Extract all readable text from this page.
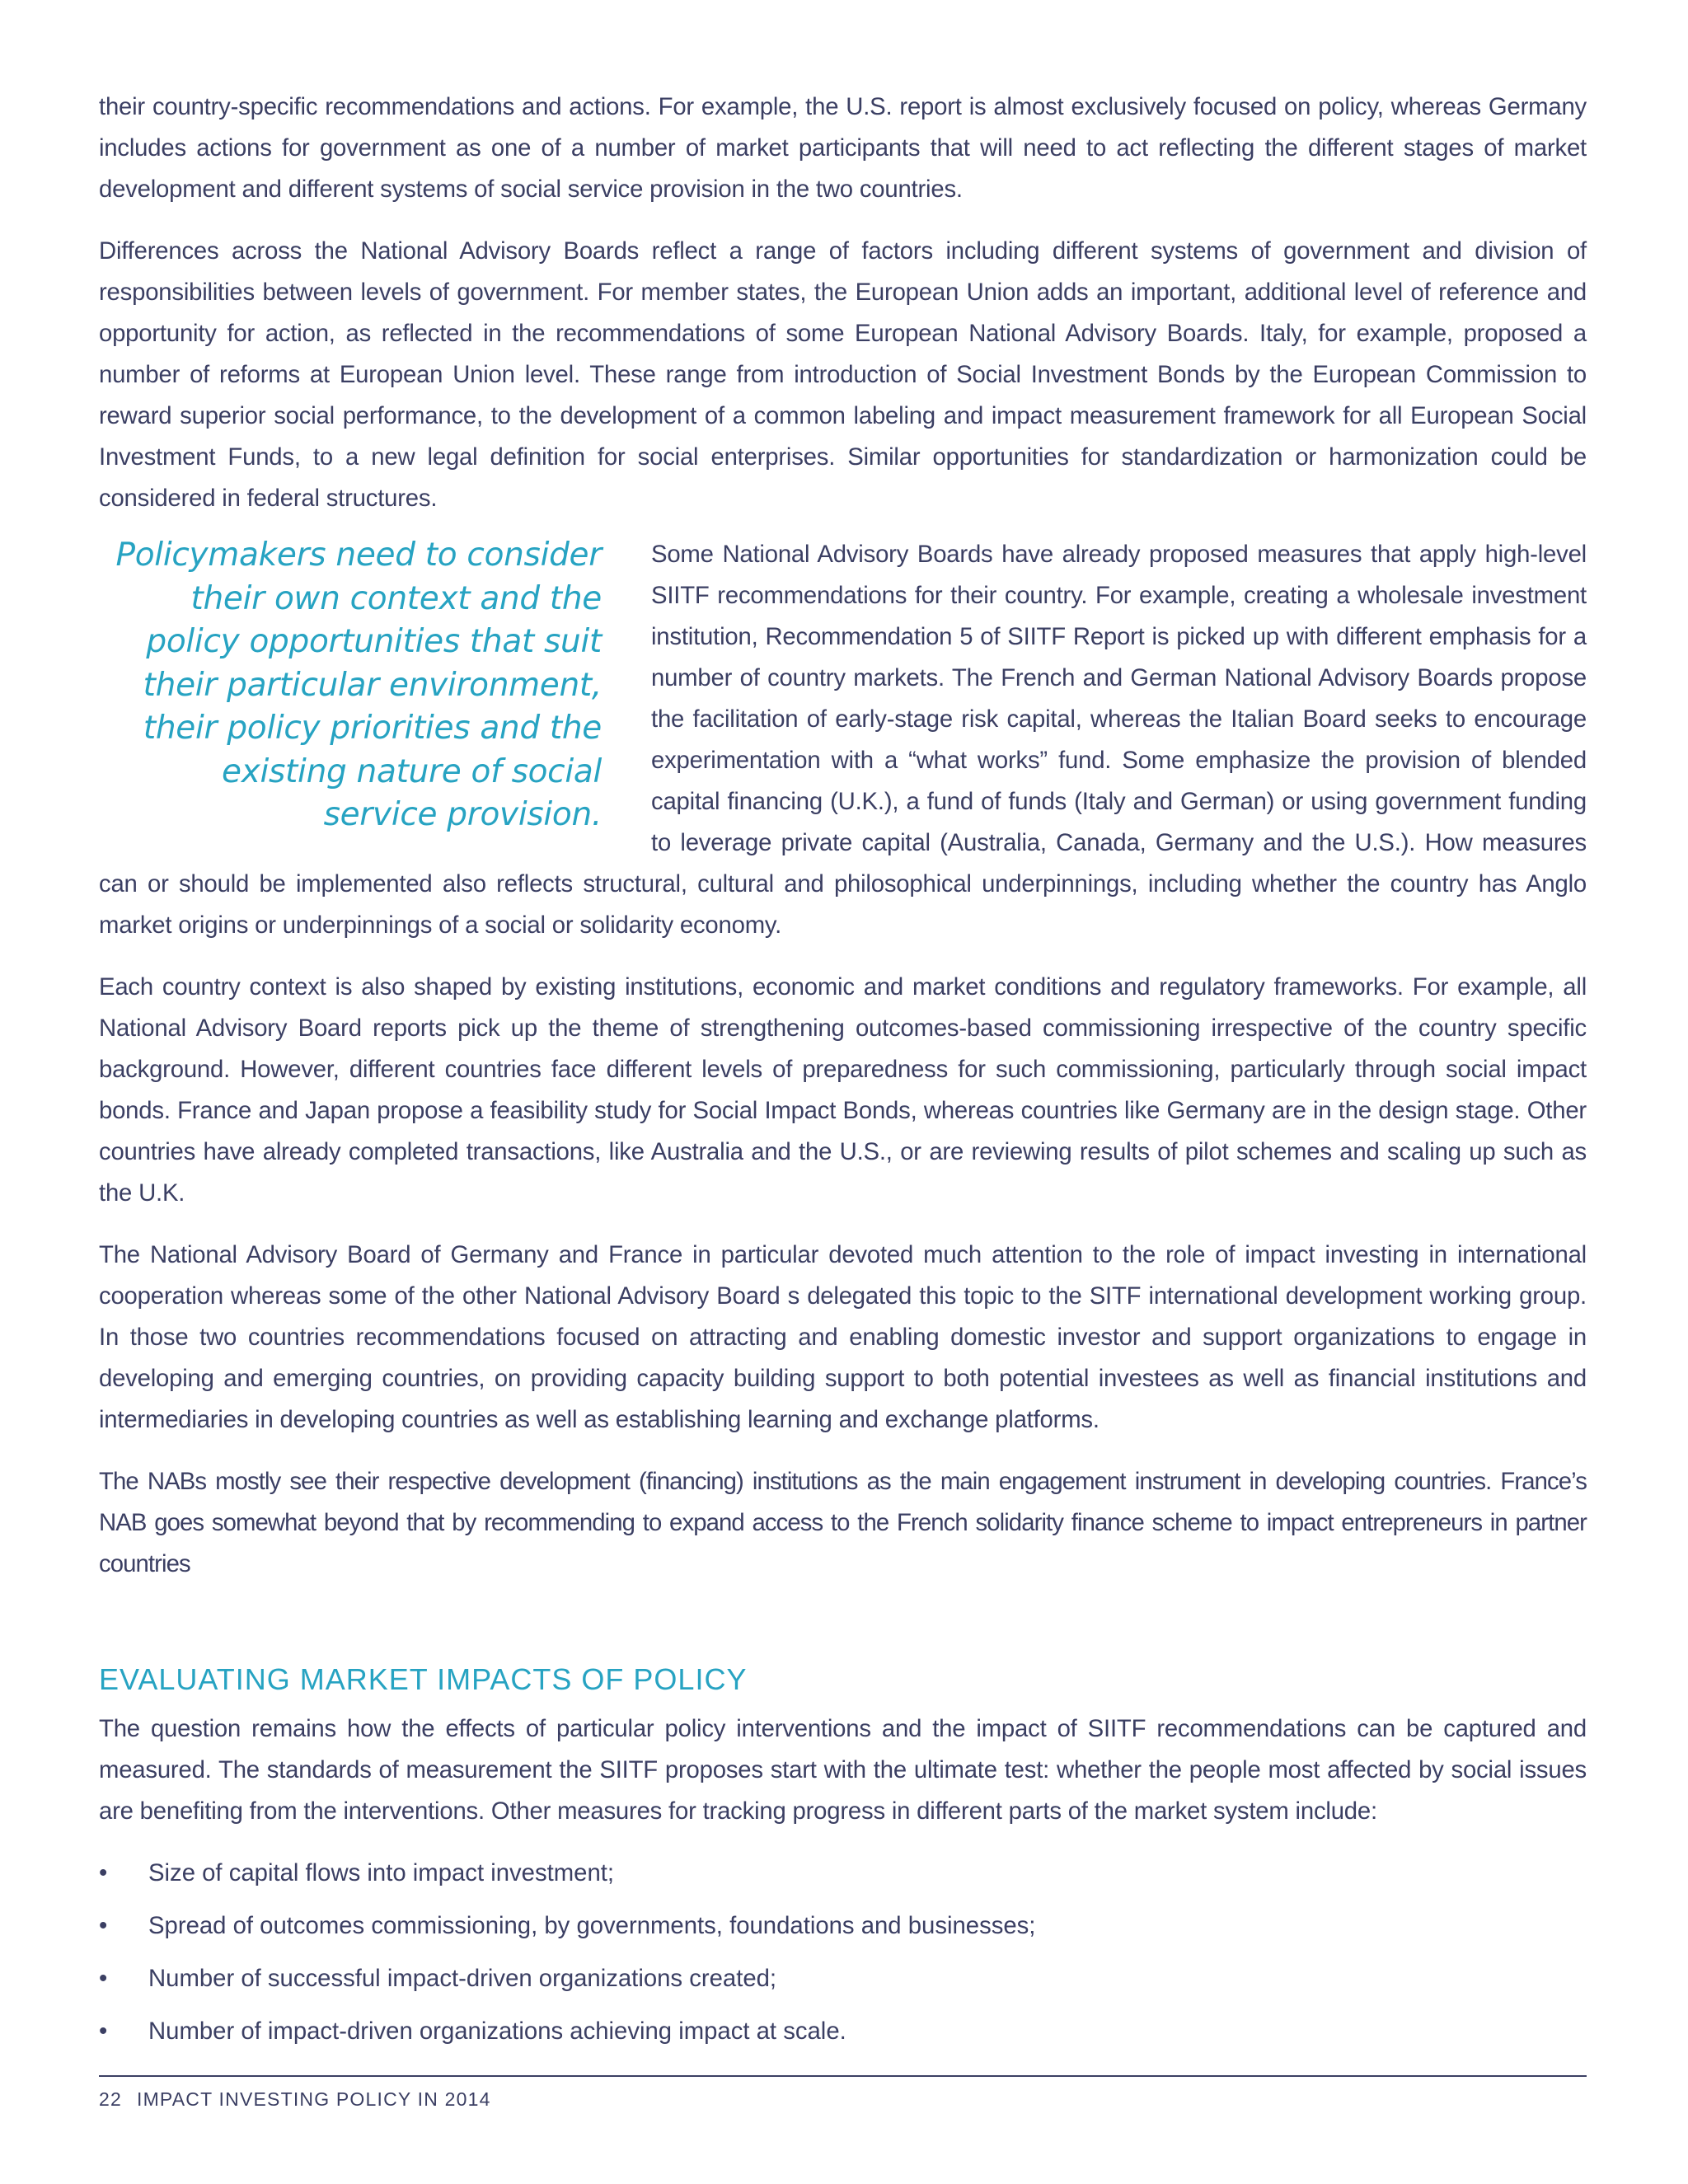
their country-specific recommendations and actions. For example, the U.S. report is almost exclusively focused on policy, whereas Germany includes actions for government as one of a number of market participants that will need to act reflecting the different stages of market development and different systems of social service provision in the two countries.

Differences across the National Advisory Boards reflect a range of factors including different systems of government and division of responsibilities between levels of government. For member states, the European Union adds an important, additional level of reference and opportunity for action, as reflected in the recommendations of some European National Advisory Boards. Italy, for example, proposed a number of reforms at European Union level. These range from introduction of Social Investment Bonds by the European Commission to reward superior social performance, to the development of a common labeling and impact measurement framework for all European Social Investment Funds, to a new legal definition for social enterprises. Similar opportunities for standardization or harmonization could be considered in federal structures.

Policymakers need to consider their own context and the policy opportunities that suit their particular environment, their policy priorities and the existing nature of social service provision.

Some National Advisory Boards have already proposed measures that apply high-level SIITF recommendations for their country. For example, creating a wholesale investment institution, Recommendation 5 of SIITF Report is picked up with different emphasis for a number of country markets. The French and German National Advisory Boards propose the facilitation of early-stage risk capital, whereas the Italian Board seeks to encourage experimentation with a “what works” fund. Some emphasize the provision of blended capital financing (U.K.), a fund of funds (Italy and German) or using government funding to leverage private capital (Australia, Canada, Germany and the U.S.). How measures can or should be implemented also reflects structural, cultural and philosophical underpinnings, including whether the country has Anglo market origins or underpinnings of a social or solidarity economy.

Each country context is also shaped by existing institutions, economic and market conditions and regulatory frameworks. For example, all National Advisory Board reports pick up the theme of strengthening outcomes-based commissioning irrespective of the country specific background. However, different countries face different levels of preparedness for such commissioning, particularly through social impact bonds. France and Japan propose a feasibility study for Social Impact Bonds, whereas countries like Germany are in the design stage. Other countries have already completed transactions, like Australia and the U.S., or are reviewing results of pilot schemes and scaling up such as the U.K.

The National Advisory Board of Germany and France in particular devoted much attention to the role of impact investing in international cooperation whereas some of the other National Advisory Board s delegated this topic to the SITF international development working group. In those two countries recommendations focused on attracting and enabling domestic investor and support organizations to engage in developing and emerging countries, on providing capacity building support to both potential investees as well as financial institutions and intermediaries in developing countries as well as establishing learning and exchange platforms.

The NABs mostly see their respective development (financing) institutions as the main engagement instrument in developing countries. France’s NAB goes somewhat beyond that by recommending to expand access to the French solidarity finance scheme to impact entrepreneurs in partner countries

EVALUATING MARKET IMPACTS OF POLICY

The question remains how the effects of particular policy interventions and the impact of SIITF recommendations can be captured and measured. The standards of measurement the SIITF proposes start with the ultimate test: whether the people most affected by social issues are benefiting from the interventions. Other measures for tracking progress in different parts of the market system include:

• Size of capital flows into impact investment;
• Spread of outcomes commissioning, by governments, foundations and businesses;
• Number of successful impact-driven organizations created;
• Number of impact-driven organizations achieving impact at scale.
22 IMPACT INVESTING POLICY IN 2014
